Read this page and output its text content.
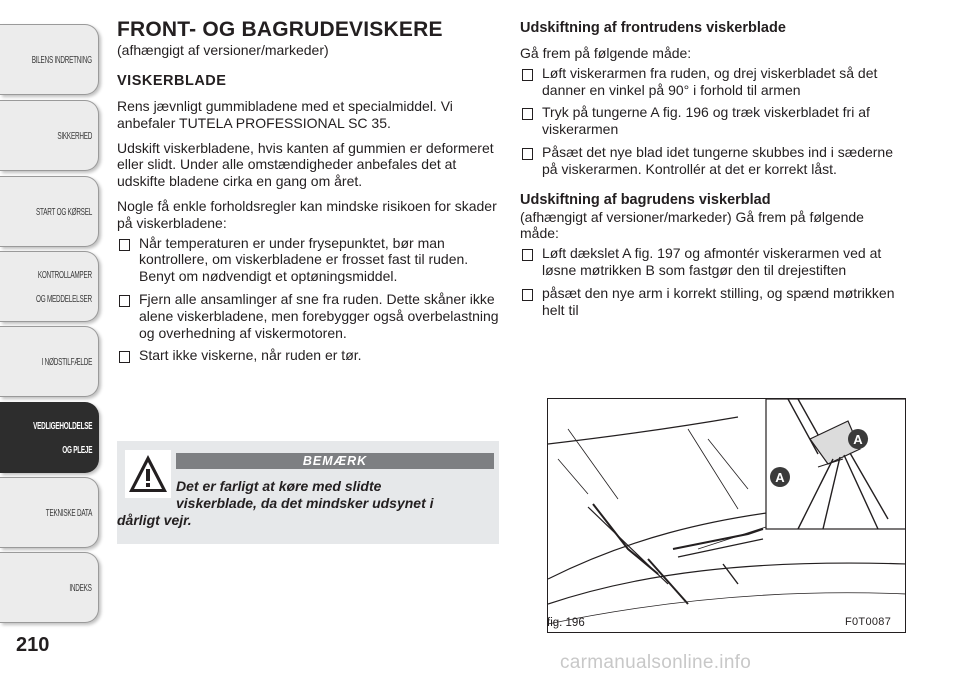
BILENS INDRETNING
SIKKERHED
START OG KØRSEL
KONTROLLAMPER

OG MEDDELELSER
I NØDSTILFÆLDE
VEDLIGEHOLDELSE

OG PLEJE
TEKNISKE DATA
INDEKS
210
FRONT- OG BAGRUDEVISKERE
(afhængigt af versioner/markeder)
VISKERBLADE

Rens jævnligt gummibladene med et specialmiddel. Vi anbefaler TUTELA PROFESSIONAL SC 35.

Udskift viskerbladene, hvis kanten af gummien er deformeret eller slidt. Under alle omstændigheder anbefales det at udskifte bladene cirka en gang om året.

Nogle få enkle forholdsregler kan mindske risikoen for skader på viskerbladene:

Når temperaturen er under frysepunktet, bør man kontrollere, om viskerbladene er frosset fast til ruden. Benyt om nødvendigt et optøningsmiddel.
Fjern alle ansamlinger af sne fra ruden. Dette skåner ikke alene viskerbladene, men forebygger også overbelastning og overhedning af viskermotoren.
Start ikke viskerne, når ruden er tør.
BEMÆRK
Det er farligt at køre med slidte
viskerblade, da det mindsker udsynet i
dårligt vejr.
Udskiftning af frontrudens viskerblade

Gå frem på følgende måde:

Løft viskerarmen fra ruden, og drej viskerbladet så det danner en vinkel på 90° i forhold til armen
Tryk på tungerne A fig. 196 og træk viskerbladet fri af viskerarmen
Påsæt det nye blad idet tungerne skubbes ind i sæderne på viskerarmen. Kontrollér at det er korrekt låst.
Udskiftning af bagrudens viskerblad

(afhængigt af versioner/markeder) Gå frem på følgende måde:

Løft dækslet A fig. 197 og afmontér viskerarmen ved at løsne møtrikken B som fastgør den til drejestiften
påsæt den nye arm i korrekt stilling, og spænd møtrikken helt til
A
A
fig. 196	F0T0087
carmanualsonline.info
